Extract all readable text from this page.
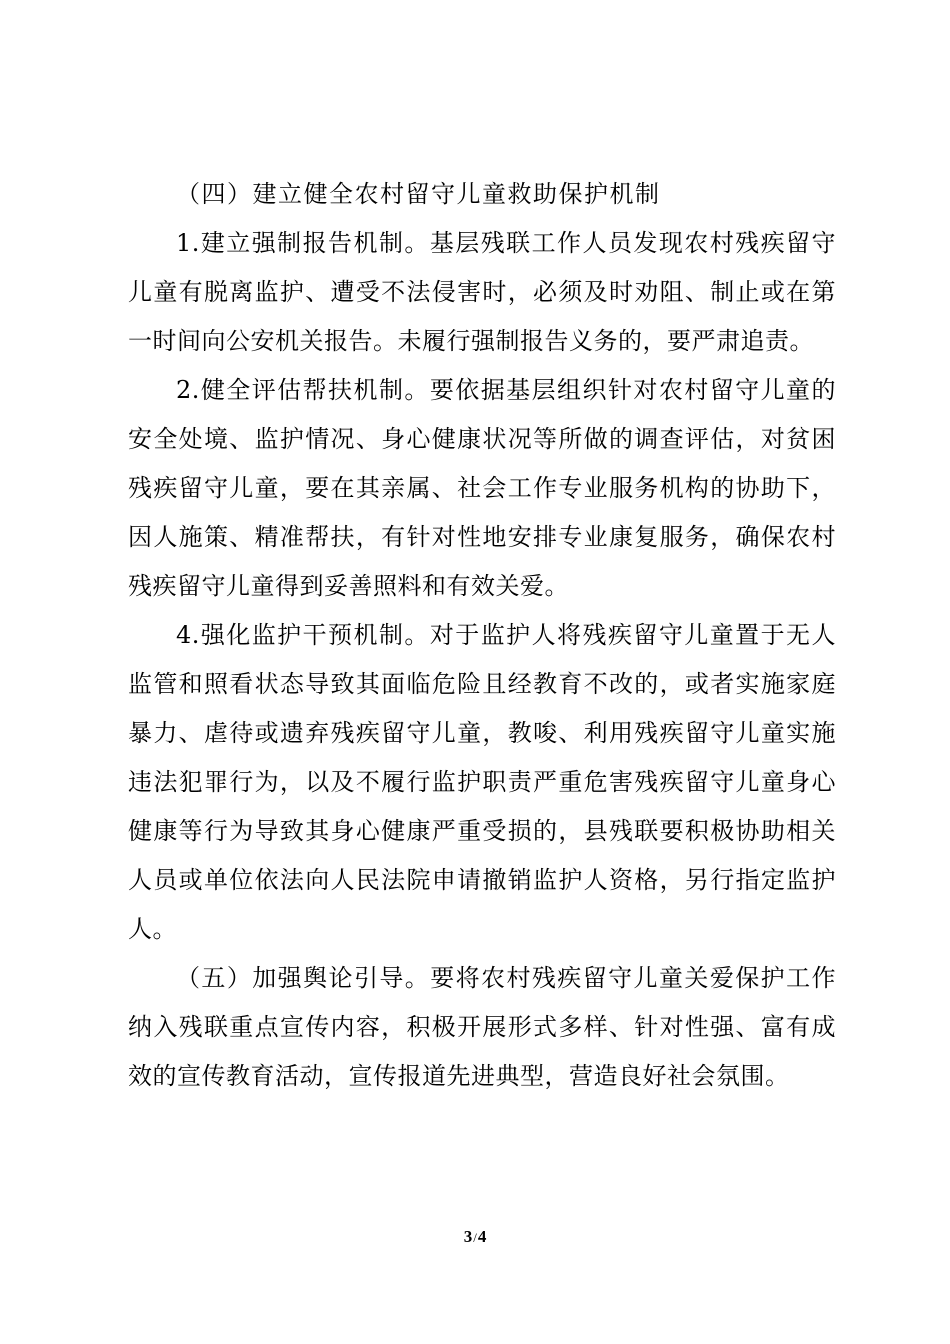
（四）建立健全农村留守儿童救助保护机制

1.建立强制报告机制。基层残联工作人员发现农村残疾留守儿童有脱离监护、遭受不法侵害时，必须及时劝阻、制止或在第一时间向公安机关报告。未履行强制报告义务的，要严肃追责。

2.健全评估帮扶机制。要依据基层组织针对农村留守儿童的安全处境、监护情况、身心健康状况等所做的调查评估，对贫困残疾留守儿童，要在其亲属、社会工作专业服务机构的协助下，因人施策、精准帮扶，有针对性地安排专业康复服务，确保农村残疾留守儿童得到妥善照料和有效关爱。

4.强化监护干预机制。对于监护人将残疾留守儿童置于无人监管和照看状态导致其面临危险且经教育不改的，或者实施家庭暴力、虐待或遗弃残疾留守儿童，教唆、利用残疾留守儿童实施违法犯罪行为，以及不履行监护职责严重危害残疾留守儿童身心健康等行为导致其身心健康严重受损的，县残联要积极协助相关人员或单位依法向人民法院申请撤销监护人资格，另行指定监护人。

（五）加强舆论引导。要将农村残疾留守儿童关爱保护工作纳入残联重点宣传内容，积极开展形式多样、针对性强、富有成效的宣传教育活动，宣传报道先进典型，营造良好社会氛围。

3/4
